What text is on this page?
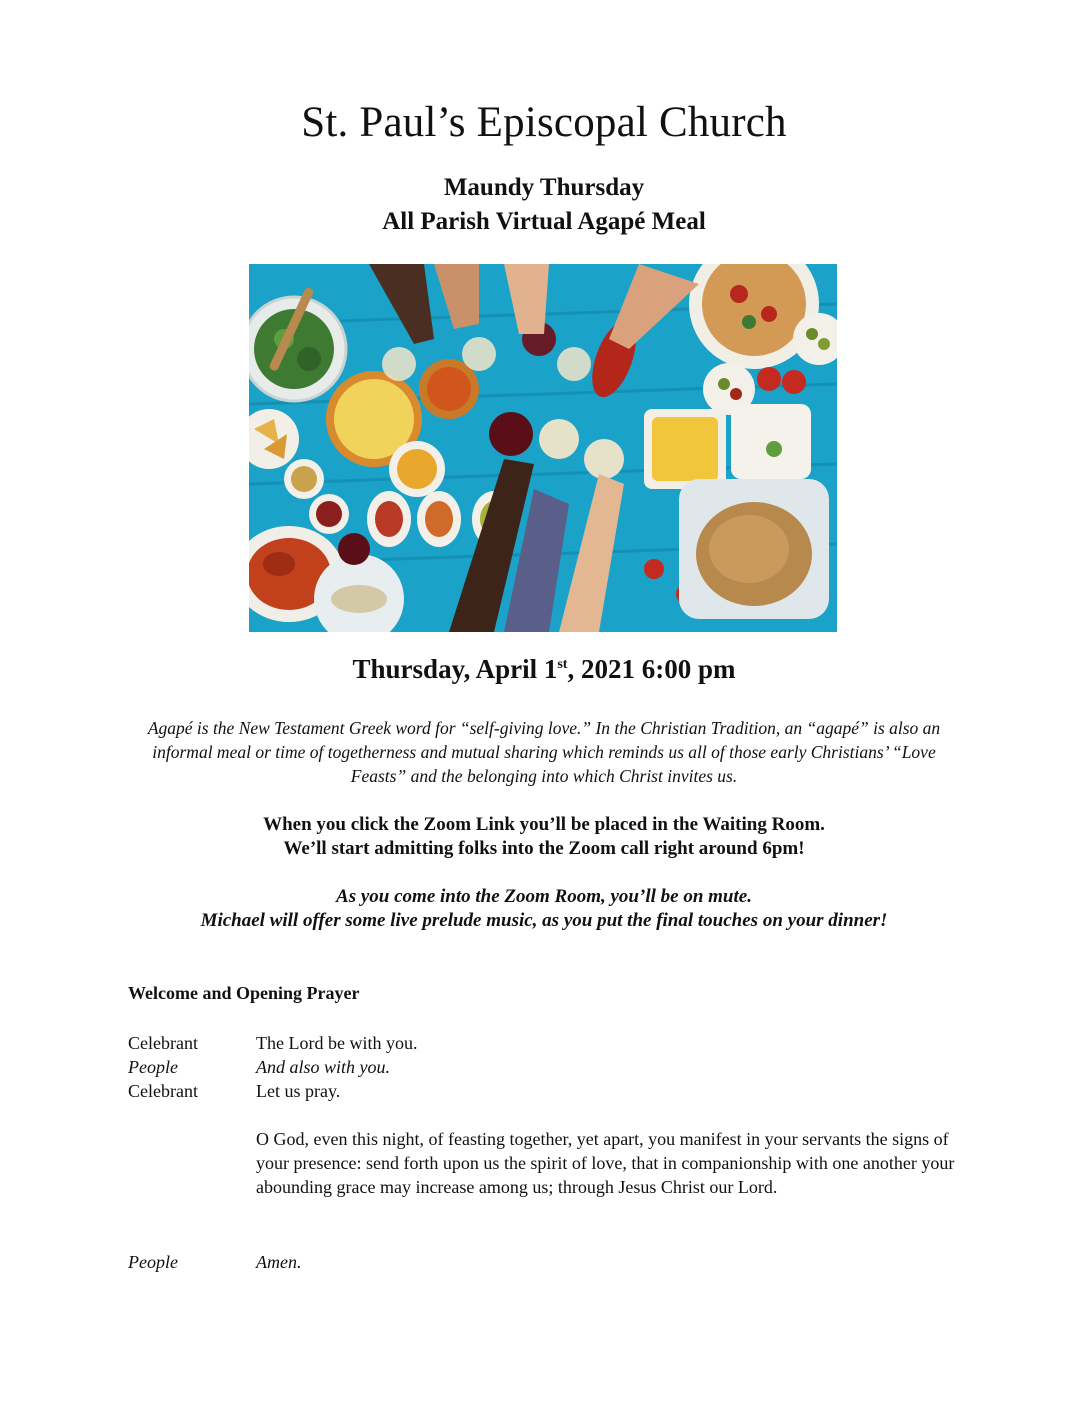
St. Paul’s Episcopal Church
Maundy Thursday
All Parish Virtual Agapé Meal
Thursday, April 1st, 2021 6:00 pm

Agapé is the New Testament Greek word for “self-giving love.” In the Christian Tradition, an “agapé” is also an informal meal or time of togetherness and mutual sharing which reminds us all of those early Christians’ “Love Feasts” and the belonging into which Christ invites us.

When you click the Zoom Link you’ll be placed in the Waiting Room.

We’ll start admitting folks into the Zoom call right around 6pm!

As you come into the Zoom Room, you’ll be on mute.

Michael will offer some live prelude music, as you put the final touches on your dinner!

Welcome and Opening Prayer
Celebrant	The Lord be with you.
People	And also with you.
Celebrant	Let us pray.
O God, even this night, of feasting together, yet apart, you manifest in your servants the signs of your presence: send forth upon us the spirit of love, that in companionship with one another your abounding grace may increase among us; through Jesus Christ our Lord.
People	Amen.
